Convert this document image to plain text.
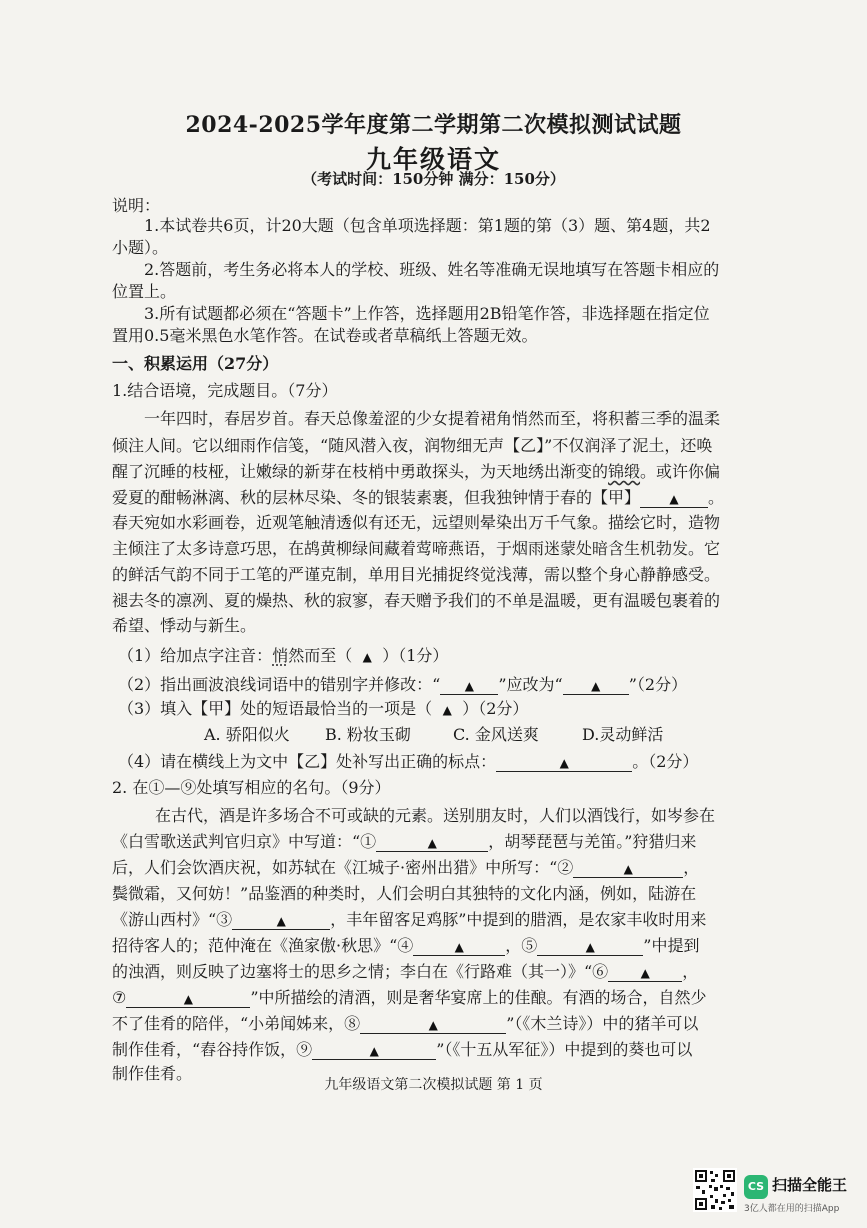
2024-2025学年度第二学期第二次模拟测试试题
九年级语文
（考试时间：150分钟 满分：150分）
说明：
1.本试卷共6页，计20大题（包含单项选择题：第1题的第（3）题、第4题，共2
小题）。
2.答题前，考生务必将本人的学校、班级、姓名等准确无误地填写在答题卡相应的
位置上。
3.所有试题都必须在“答题卡”上作答，选择题用2B铅笔作答，非选择题在指定位
置用0.5毫米黑色水笔作答。在试卷或者草稿纸上答题无效。
一、积累运用（27分）
1.结合语境，完成题目。（7分）
一年四时，春居岁首。春天总像羞涩的少女提着裙角悄然而至，将积蓄三季的温柔
倾注人间。它以细雨作信笺，“随风潜入夜，润物细无声【乙】”不仅润泽了泥土，还唤
醒了沉睡的枝桠，让嫩绿的新芽在枝梢中勇敢探头，为天地绣出渐变的锦缎。或许你偏
爱夏的酣畅淋漓、秋的层林尽染、冬的银装素裹，但我独钟情于春的【甲】 ▲ 。
春天宛如水彩画卷，近观笔触清透似有还无，远望则晕染出万千气象。描绘它时，造物
主倾注了太多诗意巧思，在鸪黄柳绿间藏着莺啼燕语，于烟雨迷蒙处暗含生机勃发。它
的鲜活气韵不同于工笔的严谨克制，单用目光捕捉终觉浅薄，需以整个身心静静感受。
褪去冬的凛冽、夏的燥热、秋的寂寥，春天赠予我们的不单是温暖，更有温暖包裹着的
希望、悸动与新生。
（1）给加点字注音：悄然而至（ ▲ ）（1分）
（2）指出画波浪线词语中的错别字并修改：“ ▲ ”应改为“ ▲ ”（2分）
（3）填入【甲】处的短语最恰当的一项是（ ▲ ）（2分）
A. 骄阳似火 B. 粉妆玉砌	C. 金风送爽	D.灵动鲜活
（4）请在横线上为文中【乙】处补写出正确的标点：	▲	。（2分）
2. 在①—⑨处填写相应的名句。（9分）
在古代，酒是许多场合不可或缺的元素。送别朋友时，人们以酒饯行，如岑参在
《白雪歌送武判官归京》中写道：“①	▲	，胡琴琵琶与羌笛。”狩猎归来
后，人们会饮酒庆祝，如苏轼在《江城子·密州出猎》中所写：“②	▲	，
鬓微霜，又何妨！”品鉴酒的种类时，人们会明白其独特的文化内涵，例如，陆游在
《游山西村》“③	▲	，丰年留客足鸡豚”中提到的腊酒，是农家丰收时用来
招待客人的；范仲淹在《渔家傲·秋思》“④	▲	，⑤	▲	”中提到
的浊酒，则反映了边塞将士的思乡之情；李白在《行路难（其一）》“⑥	▲ ，
⑦	▲	”中所描绘的清酒，则是奢华宴席上的佳酿。有酒的场合，自然少
不了佳肴的陪伴，“小弟闻姊来，⑧	▲	”（《木兰诗》）中的猪羊可以
制作佳肴，“舂谷持作饭，⑨	▲	”（《十五从军征》）中提到的葵也可以
制作佳肴。
九年级语文第二次模拟试题 第 1 页
CS 扫描全能王
3亿人都在用的扫描App
